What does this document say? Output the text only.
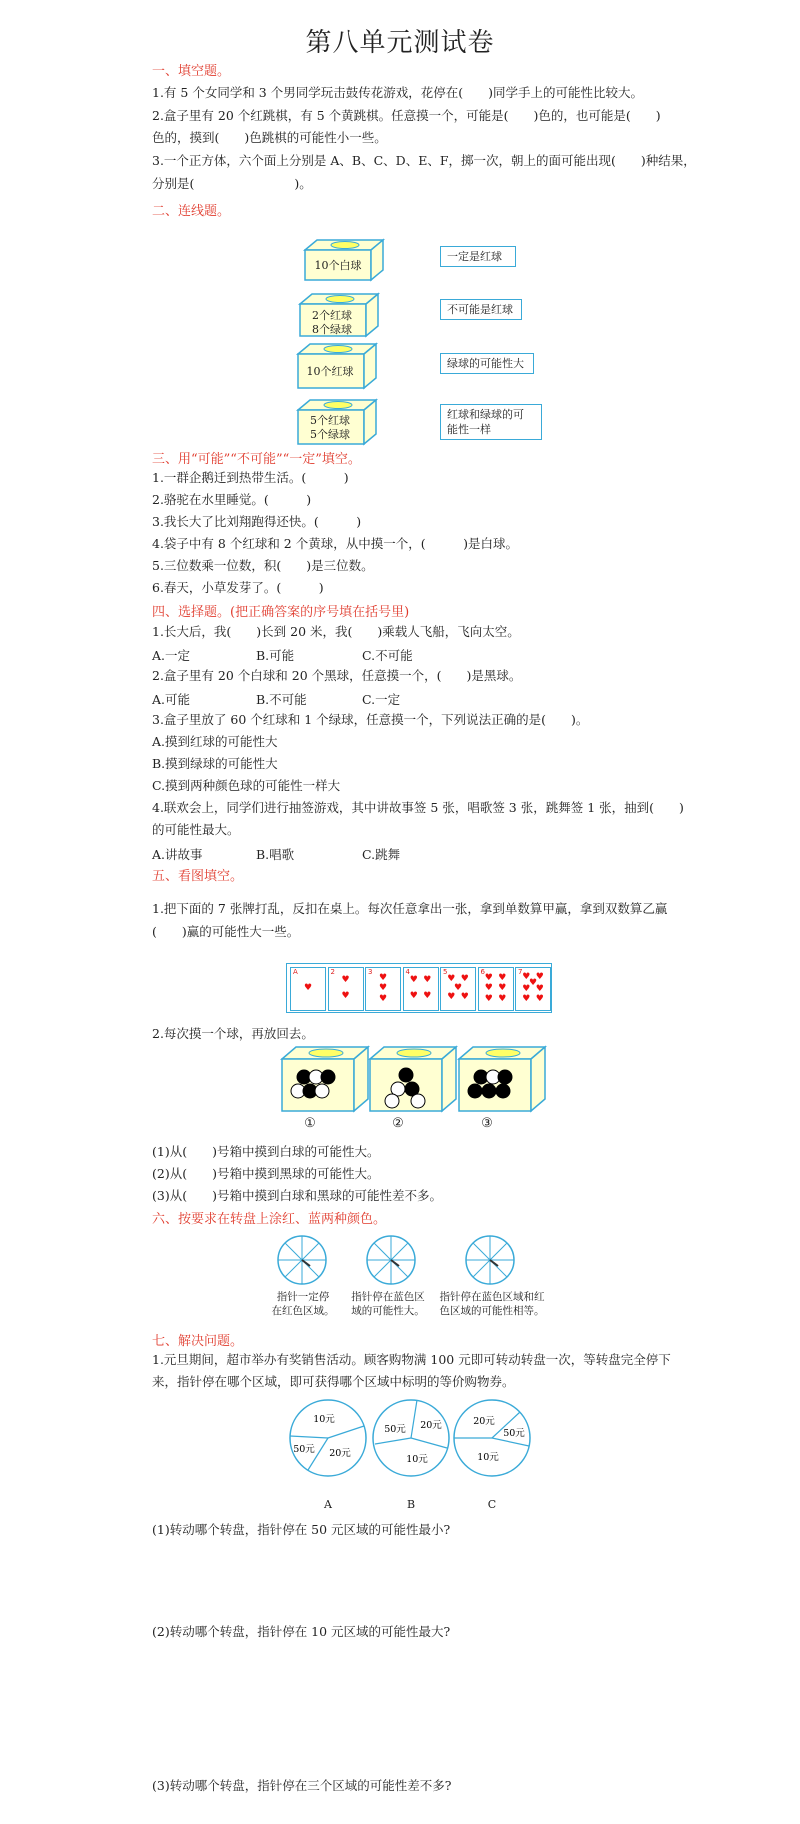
第八单元测试卷
一、填空题。
1.有 5 个女同学和 3 个男同学玩击鼓传花游戏，花停在(　　)同学手上的可能性比较大。
2.盒子里有 20 个红跳棋，有 5 个黄跳棋。任意摸一个，可能是(　　)色的，也可能是(　　)
色的，摸到(　　)色跳棋的可能性小一些。
3.一个正方体，六个面上分别是 A、B、C、D、E、F，掷一次，朝上的面可能出现(　　)种结果，
分别是(　　　　　　　　)。
二、连线题。
10个白球
2个红球
8个绿球
10个红球
5个红球
5个绿球
一定是红球
不可能是红球
绿球的可能性大
红球和绿球的可
能性一样
三、用“可能”“不可能”“一定”填空。
1.一群企鹅迁到热带生活。(　　　)
2.骆驼在水里睡觉。(　　　)
3.我长大了比刘翔跑得还快。(　　　)
4.袋子中有 8 个红球和 2 个黄球，从中摸一个，(　　　)是白球。
5.三位数乘一位数，积(　　)是三位数。
6.春天，小草发芽了。(　　　)
四、选择题。(把正确答案的序号填在括号里)
1.长大后，我(　　)长到 20 米，我(　　)乘载人飞船，飞向太空。
A.一定	B.可能	C.不可能
2.盒子里有 20 个白球和 20 个黑球，任意摸一个，(　　)是黑球。
A.可能	B.不可能	C.一定
3.盒子里放了 60 个红球和 1 个绿球，任意摸一个，下列说法正确的是(　　)。
A.摸到红球的可能性大
B.摸到绿球的可能性大
C.摸到两种颜色球的可能性一样大
4.联欢会上，同学们进行抽签游戏，其中讲故事签 5 张，唱歌签 3 张，跳舞签 1 张，抽到(　　)
的可能性最大。
A.讲故事	B.唱歌	C.跳舞
五、看图填空。
1.把下面的 7 张牌打乱，反扣在桌上。每次任意拿出一张，拿到单数算甲赢，拿到双数算乙赢
(　　)赢的可能性大一些。
A
♥
2
♥
♥
3
♥
♥
♥
4
♥ ♥
♥ ♥
5
♥ ♥
♥
♥ ♥
6
♥ ♥
♥ ♥
♥ ♥
7
♥ ♥
♥
♥ ♥
♥ ♥
2.每次摸一个球，再放回去。
①	②	③
(1)从(　　)号箱中摸到白球的可能性大。
(2)从(　　)号箱中摸到黑球的可能性大。
(3)从(　　)号箱中摸到白球和黑球的可能性差不多。
六、按要求在转盘上涂红、蓝两种颜色。
指针一定停
在红色区域。
指针停在蓝色区
域的可能性大。
指针停在蓝色区域和红
色区域的可能性相等。
七、解决问题。
1.元旦期间，超市举办有奖销售活动。顾客购物满 100 元即可转动转盘一次，等转盘完全停下
来，指针停在哪个区域，即可获得哪个区域中标明的等价购物券。
10元
50元 20元
20元
50元
10元
20元
50元
10元
A	B	C
(1)转动哪个转盘，指针停在 50 元区域的可能性最小?
(2)转动哪个转盘，指针停在 10 元区域的可能性最大?
(3)转动哪个转盘，指针停在三个区域的可能性差不多?
